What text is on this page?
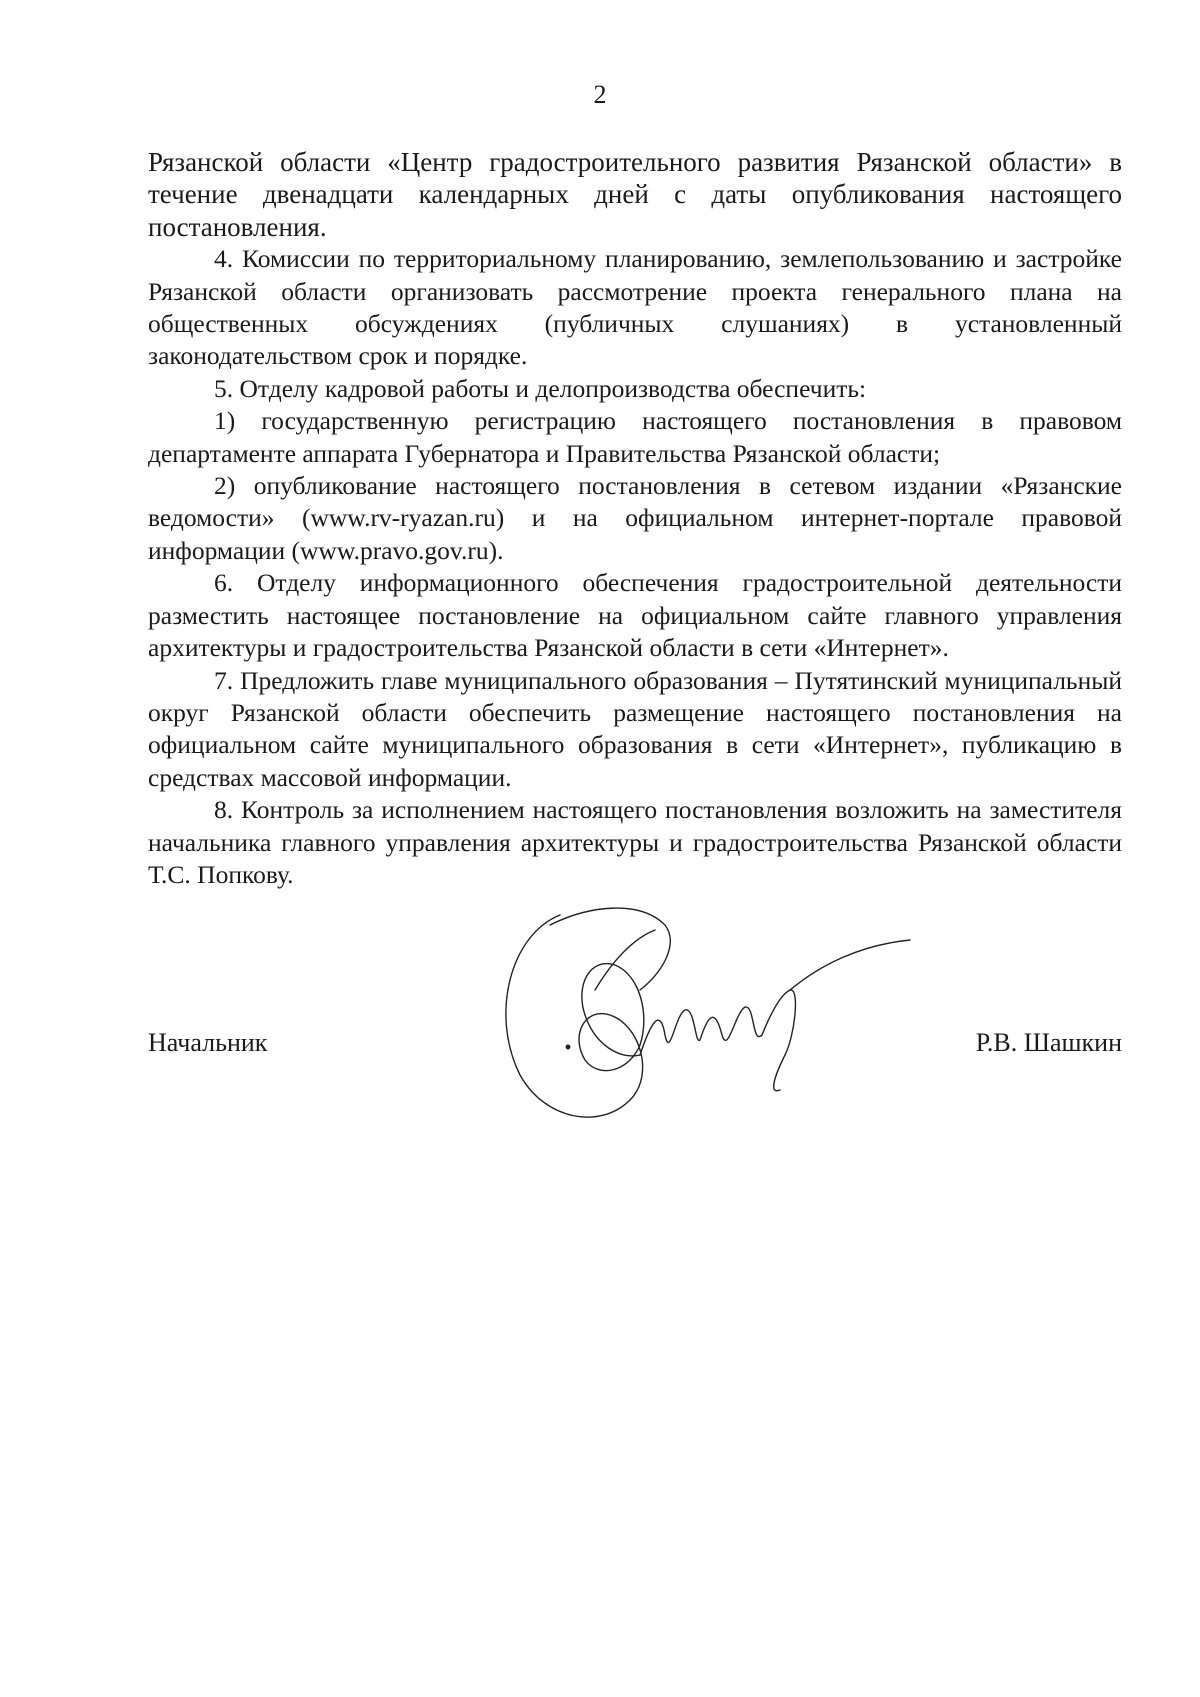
2

Рязанской области «Центр градостроительного развития Рязанской области» в течение двенадцати календарных дней с даты опубликования настоящего постановления.

4. Комиссии по территориальному планированию, землепользованию и застройке Рязанской области организовать рассмотрение проекта генерального плана на общественных обсуждениях (публичных слушаниях) в установленный законодательством срок и порядке.

5. Отделу кадровой работы и делопроизводства обеспечить:

1) государственную регистрацию настоящего постановления в правовом департаменте аппарата Губернатора и Правительства Рязанской области;

2) опубликование настоящего постановления в сетевом издании «Рязанские ведомости» (www.rv-ryazan.ru) и на официальном интернет-портале правовой информации (www.pravo.gov.ru).

6. Отделу информационного обеспечения градостроительной деятельности разместить настоящее постановление на официальном сайте главного управления архитектуры и градостроительства Рязанской области в сети «Интернет».

7. Предложить главе муниципального образования – Путятинский муниципальный округ Рязанской области обеспечить размещение настоящего постановления на официальном сайте муниципального образования в сети «Интернет», публикацию в средствах массовой информации.

8. Контроль за исполнением настоящего постановления возложить на заместителя начальника главного управления архитектуры и градостроительства Рязанской области Т.С. Попкову.

Начальник	Р.В. Шашкин
